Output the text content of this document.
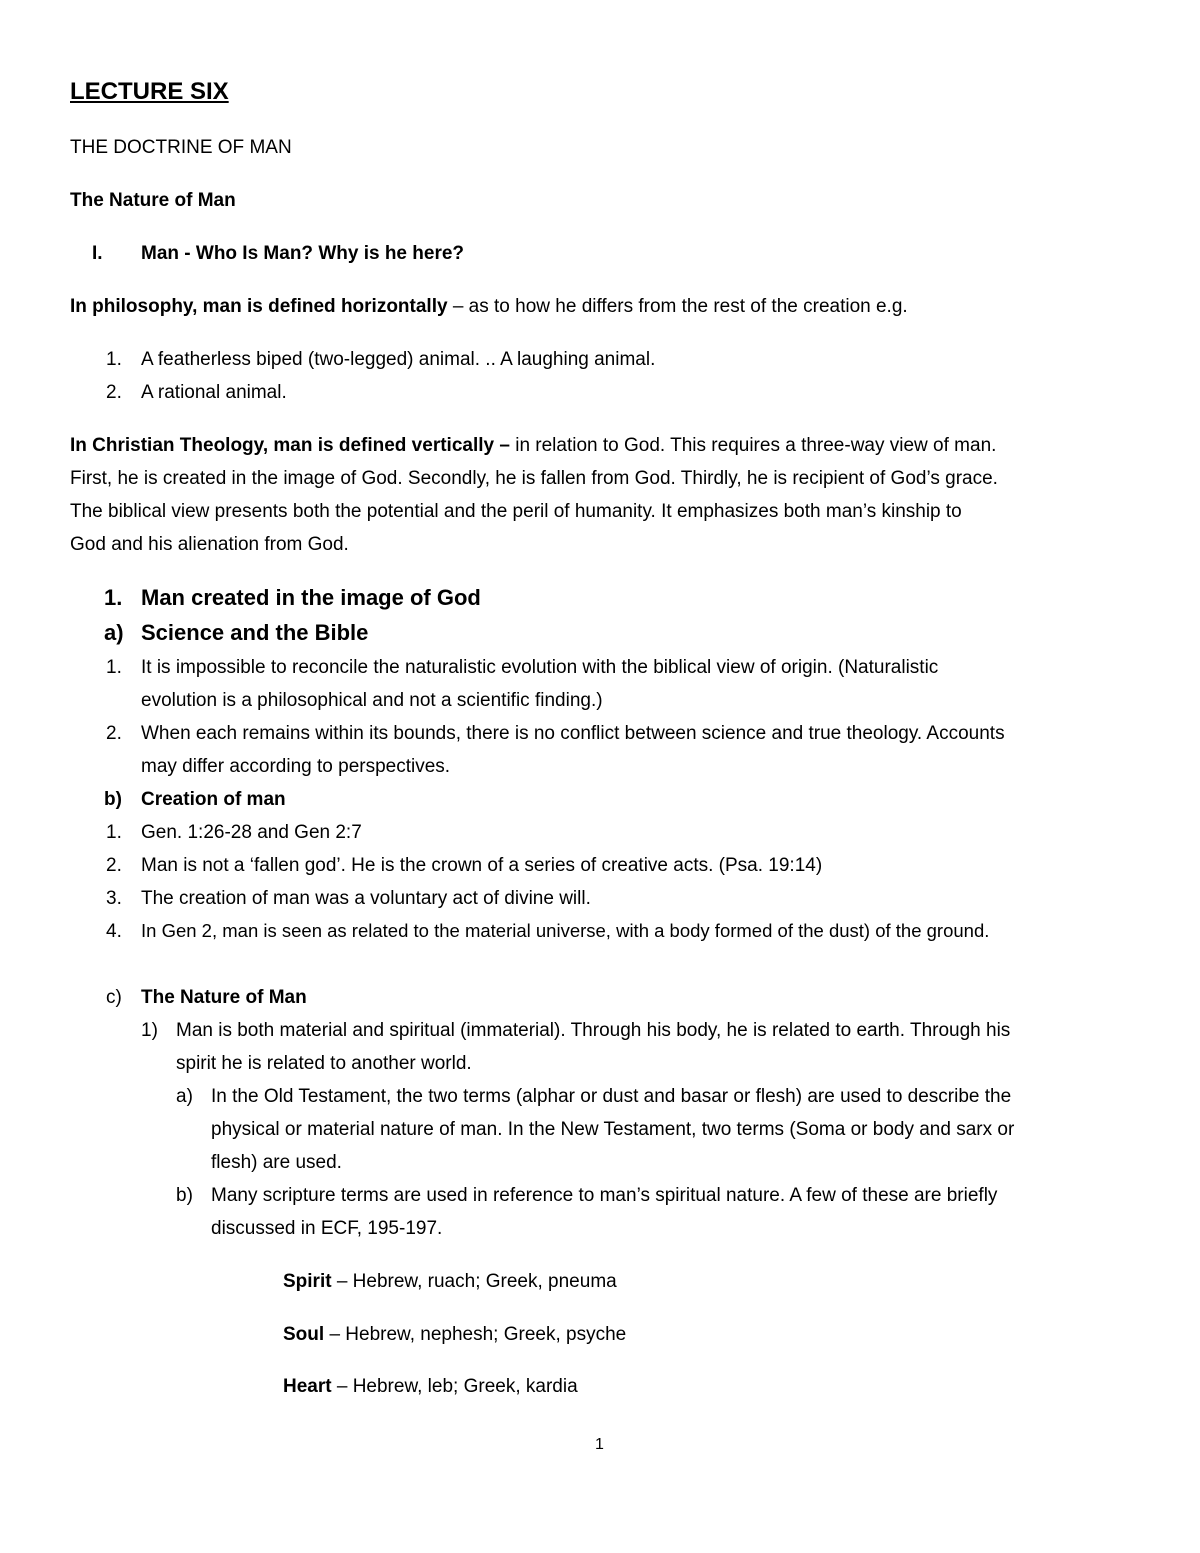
LECTURE SIX
THE DOCTRINE OF MAN
The Nature of Man
I. Man - Who Is Man? Why is he here?
In philosophy, man is defined horizontally – as to how he differs from the rest of the creation e.g.
1. A featherless biped (two-legged) animal. .. A laughing animal.
2. A rational animal.
In Christian Theology, man is defined vertically – in relation to God. This requires a three-way view of man.
First, he is created in the image of God. Secondly, he is fallen from God. Thirdly, he is recipient of God’s grace.
The biblical view presents both the potential and the peril of humanity. It emphasizes both man’s kinship to
God and his alienation from God.
1. Man created in the image of God
a) Science and the Bible
1. It is impossible to reconcile the naturalistic evolution with the biblical view of origin. (Naturalistic
evolution is a philosophical and not a scientific finding.)
2. When each remains within its bounds, there is no conflict between science and true theology. Accounts
may differ according to perspectives.
b) Creation of man
1. Gen. 1:26-28 and Gen 2:7
2. Man is not a ‘fallen god’. He is the crown of a series of creative acts. (Psa. 19:14)
3. The creation of man was a voluntary act of divine will.
4. In Gen 2, man is seen as related to the material universe, with a body formed of the dust) of the ground.
c) The Nature of Man
1) Man is both material and spiritual (immaterial). Through his body, he is related to earth. Through his
spirit he is related to another world.
a) In the Old Testament, the two terms (alphar or dust and basar or flesh) are used to describe the
physical or material nature of man. In the New Testament, two terms (Soma or body and sarx or
flesh) are used.
b) Many scripture terms are used in reference to man’s spiritual nature. A few of these are briefly
discussed in ECF, 195-197.
Spirit – Hebrew, ruach; Greek, pneuma
Soul – Hebrew, nephesh; Greek, psyche
Heart – Hebrew, leb; Greek, kardia
1
